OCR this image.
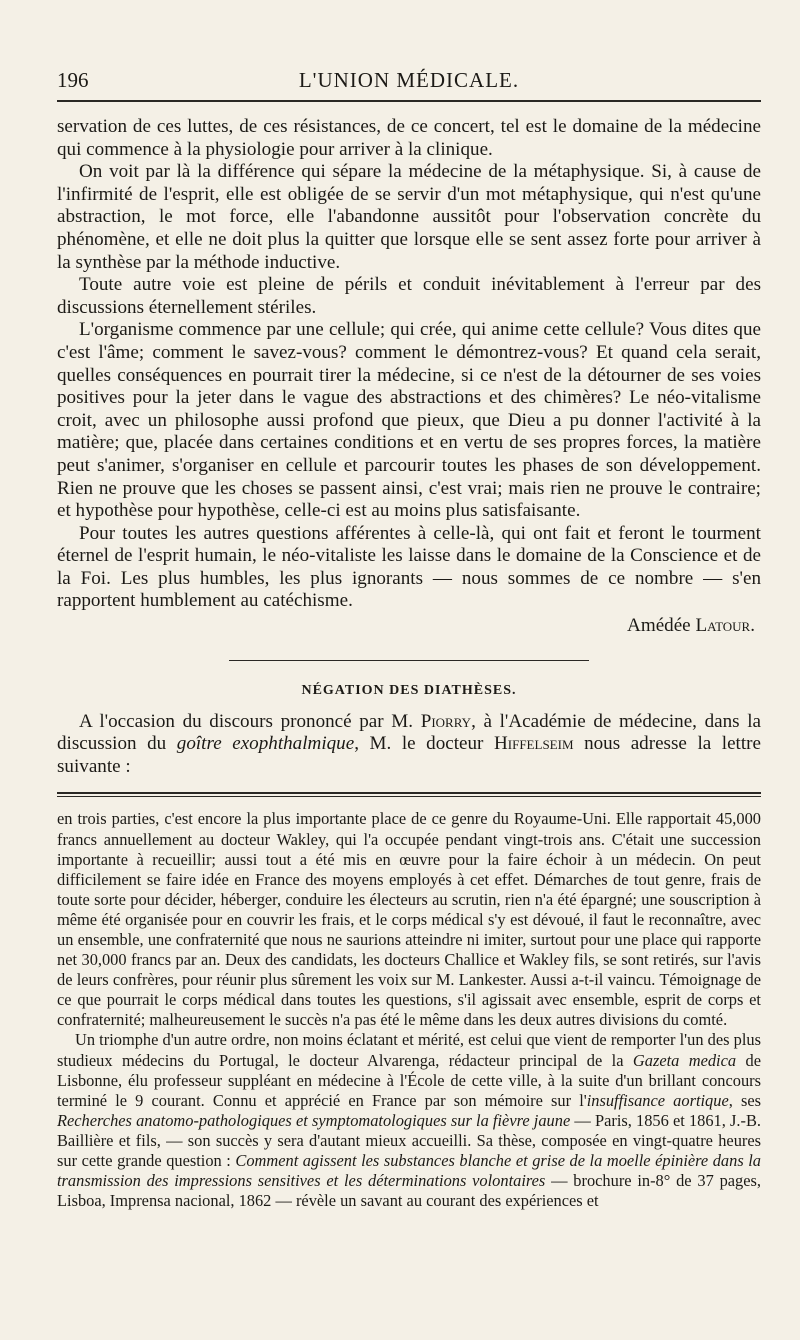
196	L'UNION MÉDICALE.

servation de ces luttes, de ces résistances, de ce concert, tel est le domaine de la médecine qui commence à la physiologie pour arriver à la clinique.

On voit par là la différence qui sépare la médecine de la métaphysique. Si, à cause de l'infirmité de l'esprit, elle est obligée de se servir d'un mot métaphysique, qui n'est qu'une abstraction, le mot force, elle l'abandonne aussitôt pour l'observation concrète du phénomène, et elle ne doit plus la quitter que lorsque elle se sent assez forte pour arriver à la synthèse par la méthode inductive.

Toute autre voie est pleine de périls et conduit inévitablement à l'erreur par des discussions éternellement stériles.

L'organisme commence par une cellule; qui crée, qui anime cette cellule? Vous dites que c'est l'âme; comment le savez-vous? comment le démontrez-vous? Et quand cela serait, quelles conséquences en pourrait tirer la médecine, si ce n'est de la détourner de ses voies positives pour la jeter dans le vague des abstractions et des chimères? Le néo-vitalisme croit, avec un philosophe aussi profond que pieux, que Dieu a pu donner l'activité à la matière; que, placée dans certaines conditions et en vertu de ses propres forces, la matière peut s'animer, s'organiser en cellule et parcourir toutes les phases de son développement. Rien ne prouve que les choses se passent ainsi, c'est vrai; mais rien ne prouve le contraire; et hypothèse pour hypothèse, celle-ci est au moins plus satisfaisante.

Pour toutes les autres questions afférentes à celle-là, qui ont fait et feront le tourment éternel de l'esprit humain, le néo-vitaliste les laisse dans le domaine de la Conscience et de la Foi. Les plus humbles, les plus ignorants — nous sommes de ce nombre — s'en rapportent humblement au catéchisme.

Amédée Latour.
NÉGATION DES DIATHÈSES.

A l'occasion du discours prononcé par M. Piorry, à l'Académie de médecine, dans la discussion du goître exophthalmique, M. le docteur Hiffelseim nous adresse la lettre suivante :

en trois parties, c'est encore la plus importante place de ce genre du Royaume-Uni. Elle rapportait 45,000 francs annuellement au docteur Wakley, qui l'a occupée pendant vingt-trois ans. C'était une succession importante à recueillir; aussi tout a été mis en œuvre pour la faire échoir à un médecin. On peut difficilement se faire idée en France des moyens employés à cet effet. Démarches de tout genre, frais de toute sorte pour décider, héberger, conduire les électeurs au scrutin, rien n'a été épargné; une souscription à même été organisée pour en couvrir les frais, et le corps médical s'y est dévoué, il faut le reconnaître, avec un ensemble, une confraternité que nous ne saurions atteindre ni imiter, surtout pour une place qui rapporte net 30,000 francs par an. Deux des candidats, les docteurs Challice et Wakley fils, se sont retirés, sur l'avis de leurs confrères, pour réunir plus sûrement les voix sur M. Lankester. Aussi a-t-il vaincu. Témoignage de ce que pourrait le corps médical dans toutes les questions, s'il agissait avec ensemble, esprit de corps et confraternité; malheureusement le succès n'a pas été le même dans les deux autres divisions du comté.

Un triomphe d'un autre ordre, non moins éclatant et mérité, est celui que vient de remporter l'un des plus studieux médecins du Portugal, le docteur Alvarenga, rédacteur principal de la Gazeta medica de Lisbonne, élu professeur suppléant en médecine à l'École de cette ville, à la suite d'un brillant concours terminé le 9 courant. Connu et apprécié en France par son mémoire sur l'insuffisance aortique, ses Recherches anatomo-pathologiques et symptomatologiques sur la fièvre jaune — Paris, 1856 et 1861, J.-B. Baillière et fils, — son succès y sera d'autant mieux accueilli. Sa thèse, composée en vingt-quatre heures sur cette grande question : Comment agissent les substances blanche et grise de la moelle épinière dans la transmission des impressions sensitives et les déterminations volontaires — brochure in-8° de 37 pages, Lisboa, Imprensa nacional, 1862 — révèle un savant au courant des expériences et
